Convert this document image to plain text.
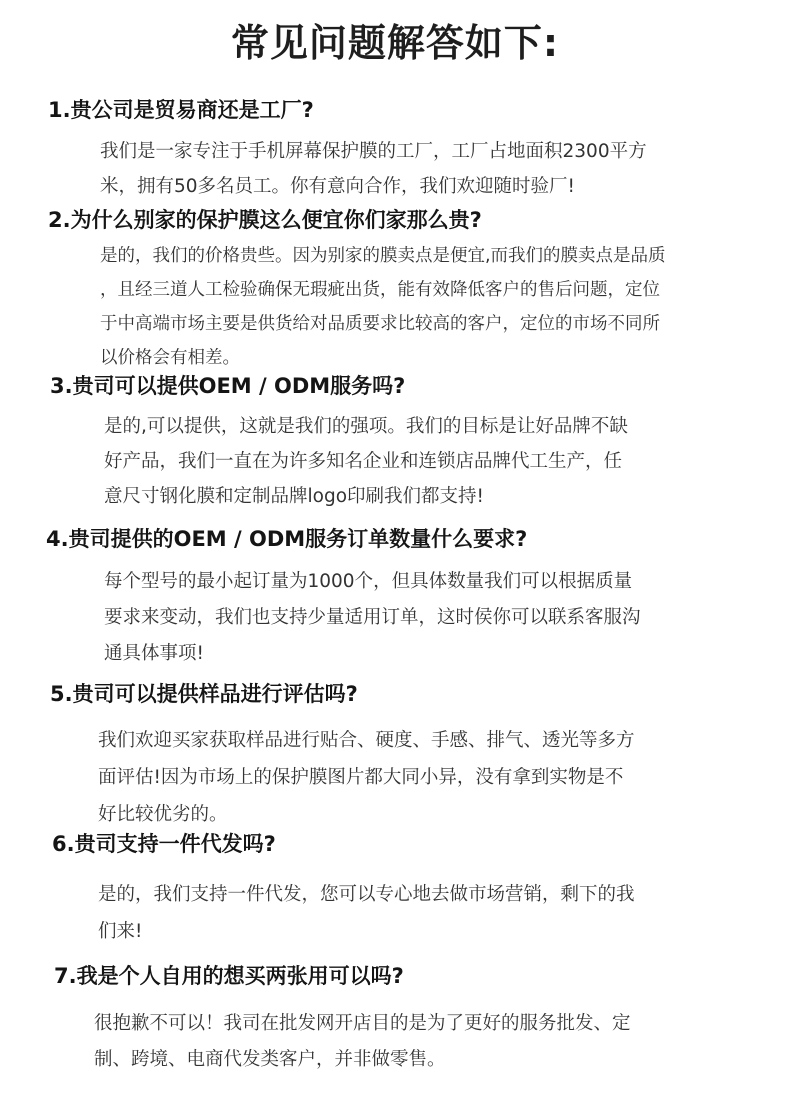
常见问题解答如下:
1.贵公司是贸易商还是工厂?
我们是一家专注于手机屏幕保护膜的工厂，工厂占地面积2300平方
米，拥有50多名员工。你有意向合作，我们欢迎随时验厂!
2.为什么别家的保护膜这么便宜你们家那么贵?
是的，我们的价格贵些。因为别家的膜卖点是便宜,而我们的膜卖点是品质
，且经三道人工检验确保无瑕疵出货，能有效降低客户的售后问题，定位
于中高端市场主要是供货给对品质要求比较高的客户，定位的市场不同所
以价格会有相差。
3.贵司可以提供OEM / ODM服务吗?
是的,可以提供，这就是我们的强项。我们的目标是让好品牌不缺
好产品，我们一直在为许多知名企业和连锁店品牌代工生产，任
意尺寸钢化膜和定制品牌logo印刷我们都支持!
4.贵司提供的OEM / ODM服务订单数量什么要求?
每个型号的最小起订量为1000个，但具体数量我们可以根据质量
要求来变动，我们也支持少量适用订单，这时侯你可以联系客服沟
通具体事项!
5.贵司可以提供样品进行评估吗?
我们欢迎买家获取样品进行贴合、硬度、手感、排气、透光等多方
面评估!因为市场上的保护膜图片都大同小异，没有拿到实物是不
好比较优劣的。
6.贵司支持一件代发吗?
是的，我们支持一件代发，您可以专心地去做市场营销，剩下的我
们来!
7.我是个人自用的想买两张用可以吗?
很抱歉不可以！我司在批发网开店目的是为了更好的服务批发、定
制、跨境、电商代发类客户，并非做零售。
